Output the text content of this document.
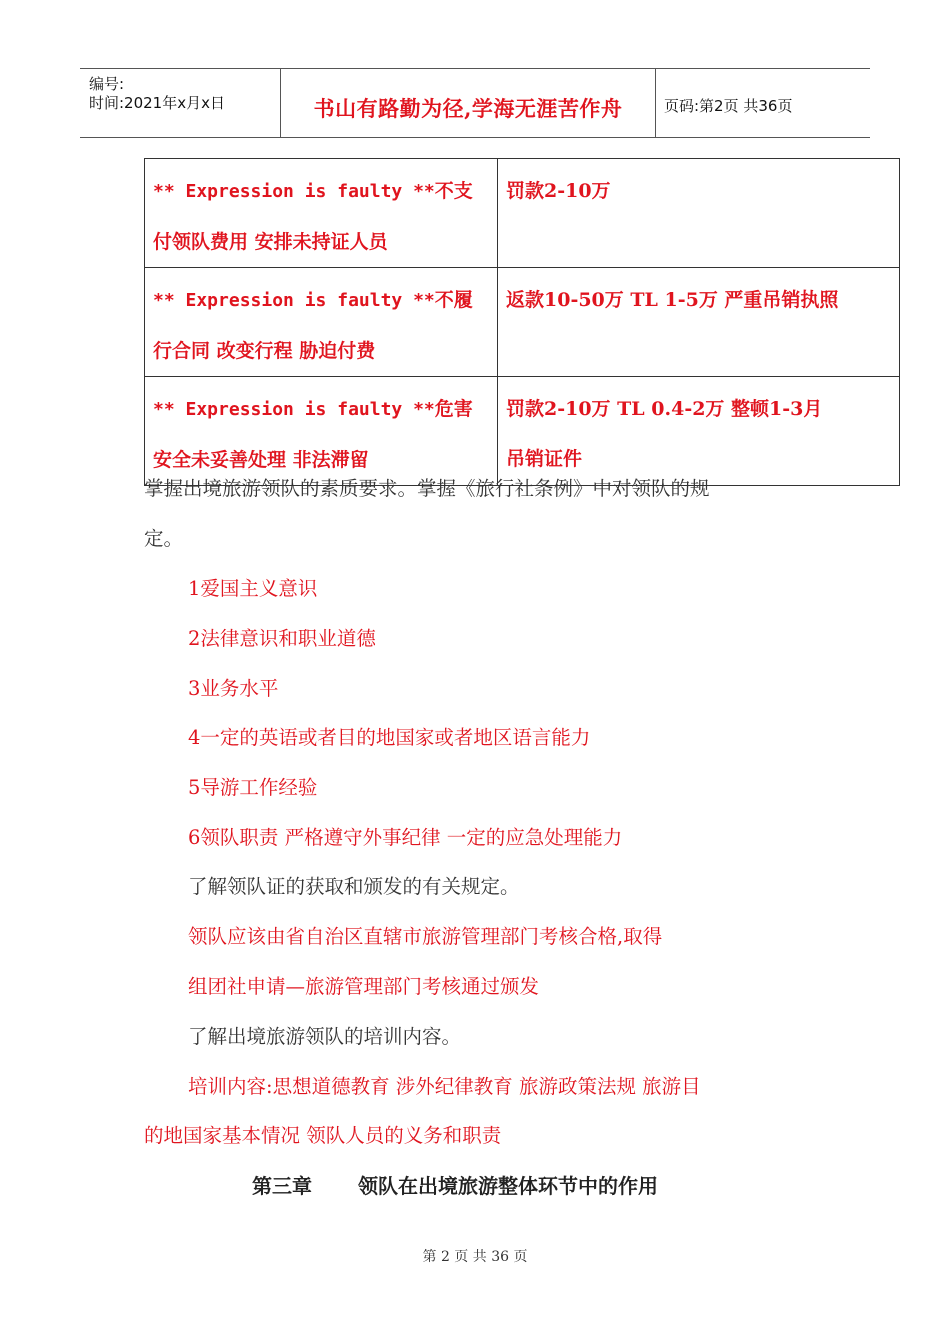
编号:
时间:2021年x月x日	书山有路勤为径,学海无涯苦作舟	页码:第2页 共36页
** Expression is faulty **不支
付领队费用 安排未持证人员	罚款2-10万
** Expression is faulty **不履
行合同 改变行程 胁迫付费	返款10-50万 TL 1-5万 严重吊销执照
** Expression is faulty **危害
安全未妥善处理 非法滞留	罚款2-10万 TL 0.4-2万 整顿1-3月
吊销证件
掌握出境旅游领队的素质要求。掌握《旅行社条例》中对领队的规
定。
1爱国主义意识
2法律意识和职业道德
3业务水平
4一定的英语或者目的地国家或者地区语言能力
5导游工作经验
6领队职责 严格遵守外事纪律 一定的应急处理能力
了解领队证的获取和颁发的有关规定。
领队应该由省自治区直辖市旅游管理部门考核合格,取得
组团社申请—旅游管理部门考核通过颁发
了解出境旅游领队的培训内容。
培训内容:思想道德教育 涉外纪律教育 旅游政策法规 旅游目
的地国家基本情况 领队人员的义务和职责
第三章 领队在出境旅游整体环节中的作用
第 2 页 共 36 页
